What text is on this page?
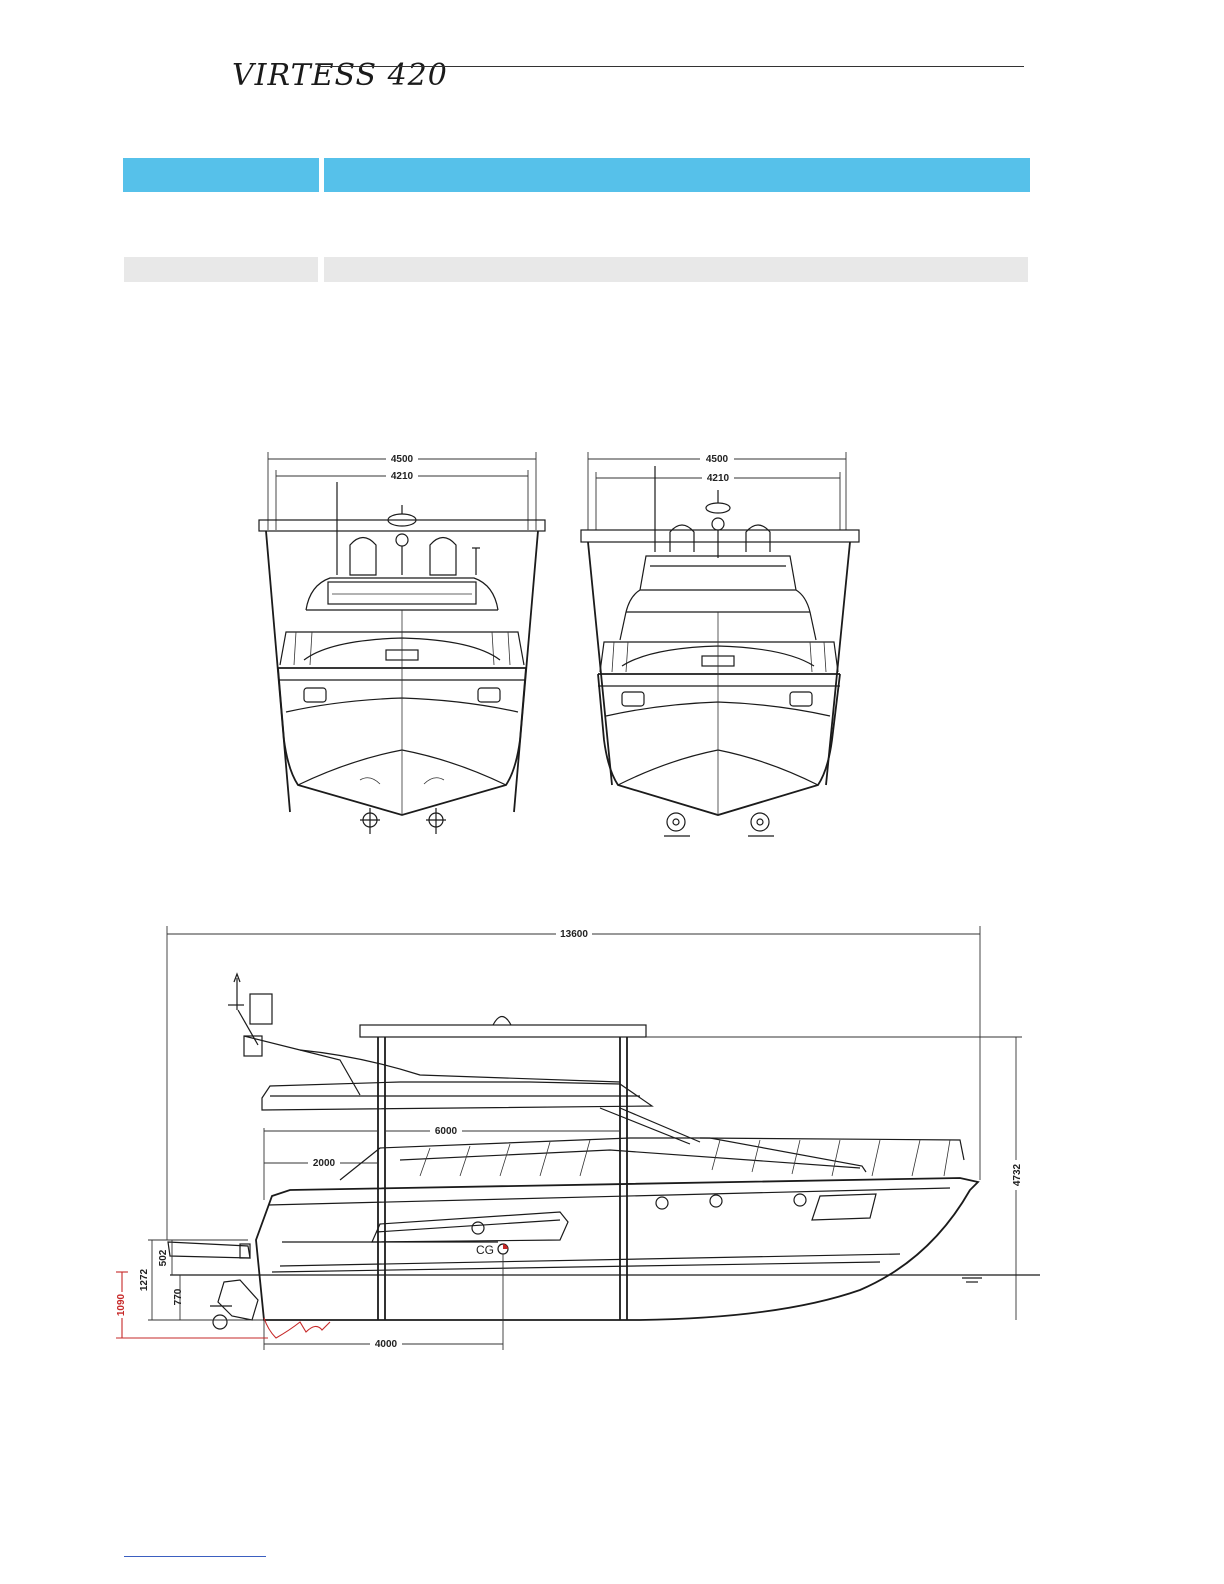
VIRTESS 420
4500
4210
4500
4210
13600
4732
6000
2000
CG
4000
502
1272
770
1090
